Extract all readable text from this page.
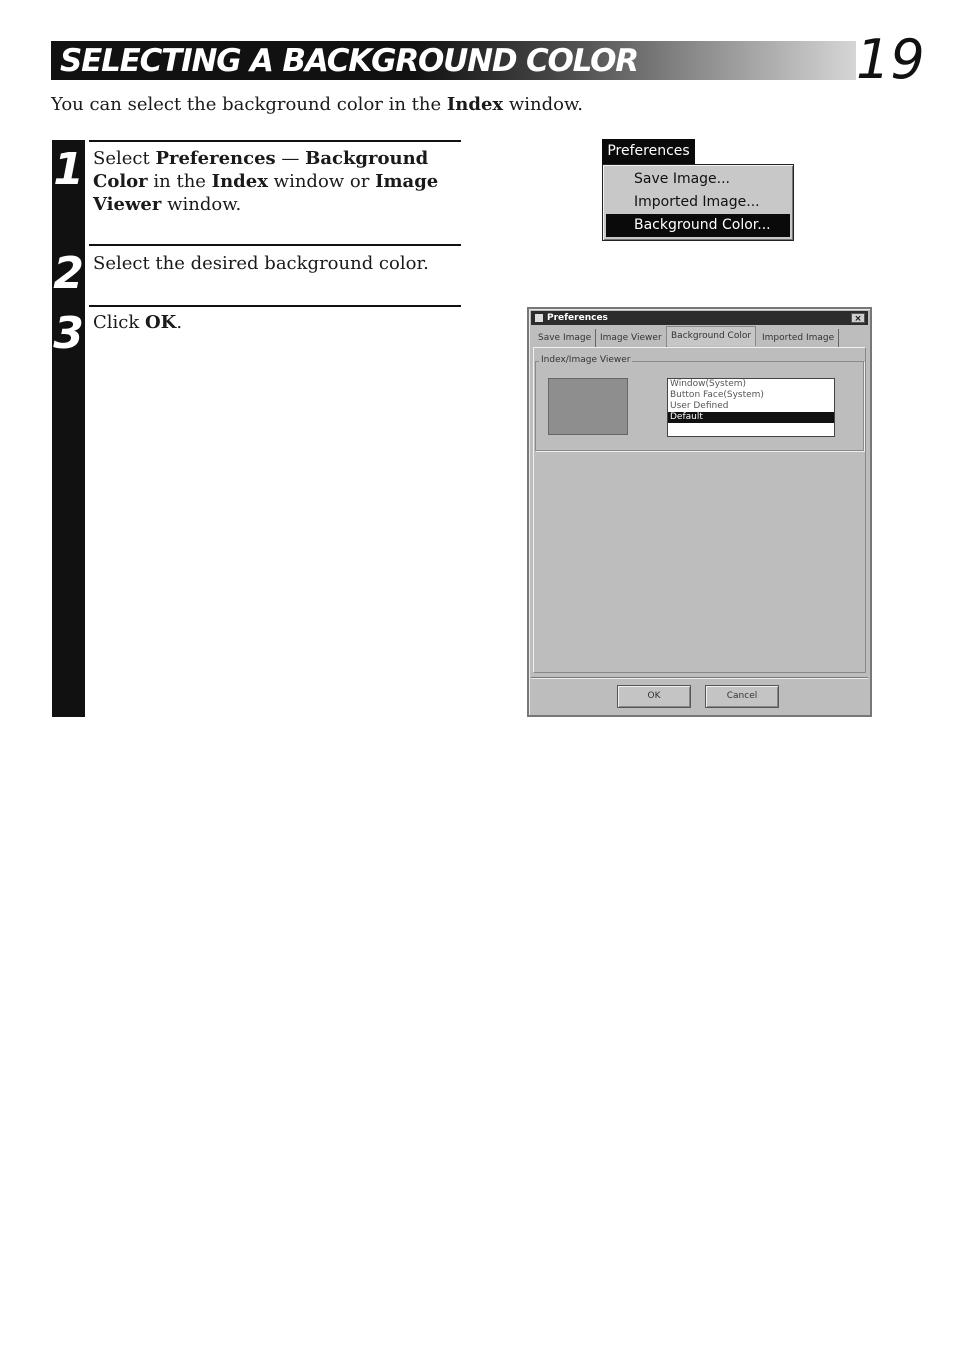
SELECTING A BACKGROUND COLOR	19
You can select the background color in the Index window.
1 Select Preferences — Background Color in the Index window or Image Viewer window.
2 Select the desired background color.
3 Click OK.
Preferences
Save Image...
Imported Image...
Background Color...
Preferences	×
Save Image Image Viewer	Background Color	Imported Image
Index/Image Viewer
Window(System)
Button Face(System)
User Defined
Default
OK	Cancel
